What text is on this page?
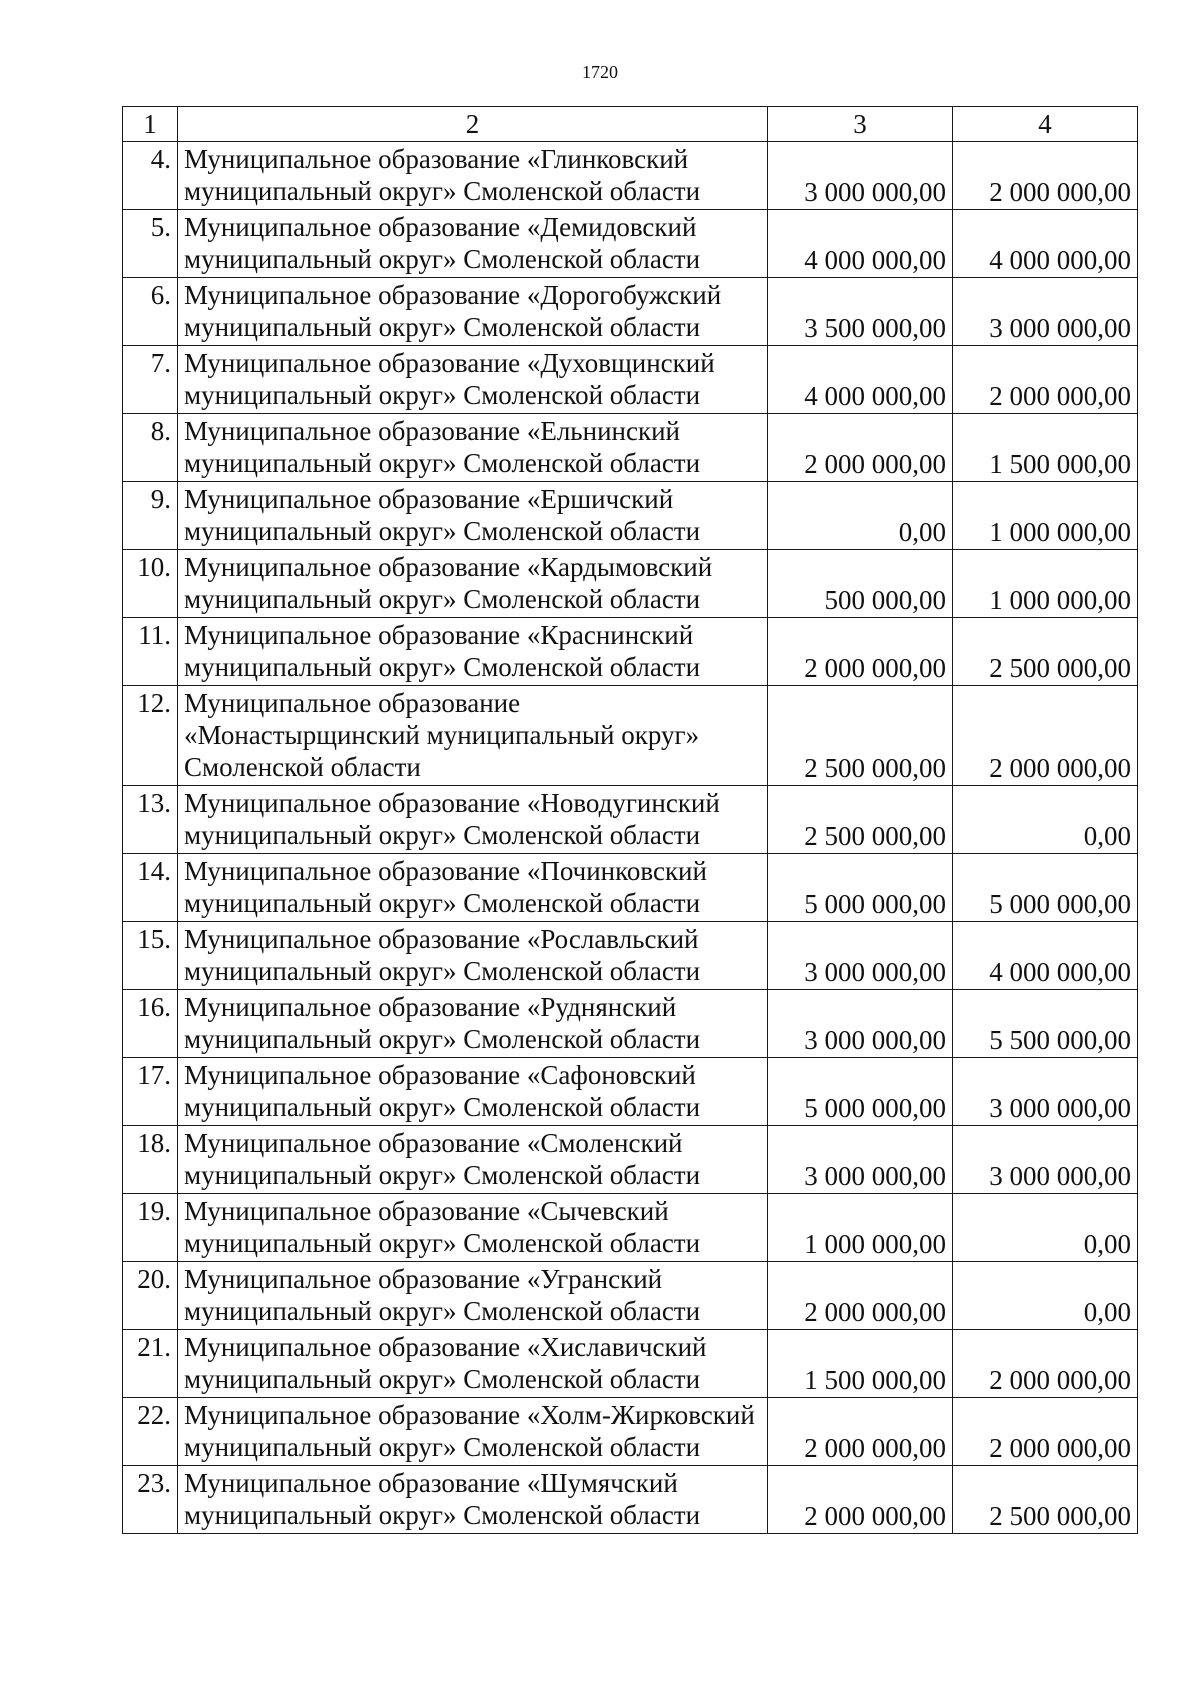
1720
1	2	3	4
4.	Муниципальное образование «Глинковский муниципальный округ» Смоленской области	3 000 000,00	2 000 000,00
5.	Муниципальное образование «Демидовский муниципальный округ» Смоленской области	4 000 000,00	4 000 000,00
6.	Муниципальное образование «Дорогобужский муниципальный округ» Смоленской области	3 500 000,00	3 000 000,00
7.	Муниципальное образование «Духовщинский муниципальный округ» Смоленской области	4 000 000,00	2 000 000,00
8.	Муниципальное образование «Ельнинский муниципальный округ» Смоленской области	2 000 000,00	1 500 000,00
9.	Муниципальное образование «Ершичский муниципальный округ» Смоленской области	0,00	1 000 000,00
10.	Муниципальное образование «Кардымовский муниципальный округ» Смоленской области	500 000,00	1 000 000,00
11.	Муниципальное образование «Краснинский муниципальный округ» Смоленской области	2 000 000,00	2 500 000,00
12.	Муниципальное образование «Монастырщинский муниципальный округ» Смоленской области	2 500 000,00	2 000 000,00
13.	Муниципальное образование «Новодугинский муниципальный округ» Смоленской области	2 500 000,00	0,00
14.	Муниципальное образование «Починковский муниципальный округ» Смоленской области	5 000 000,00	5 000 000,00
15.	Муниципальное образование «Рославльский муниципальный округ» Смоленской области	3 000 000,00	4 000 000,00
16.	Муниципальное образование «Руднянский муниципальный округ» Смоленской области	3 000 000,00	5 500 000,00
17.	Муниципальное образование «Сафоновский муниципальный округ» Смоленской области	5 000 000,00	3 000 000,00
18.	Муниципальное образование «Смоленский муниципальный округ» Смоленской области	3 000 000,00	3 000 000,00
19.	Муниципальное образование «Сычевский муниципальный округ» Смоленской области	1 000 000,00	0,00
20.	Муниципальное образование «Угранский муниципальный округ» Смоленской области	2 000 000,00	0,00
21.	Муниципальное образование «Хиславичский муниципальный округ» Смоленской области	1 500 000,00	2 000 000,00
22.	Муниципальное образование «Холм-Жирковский муниципальный округ» Смоленской области	2 000 000,00	2 000 000,00
23.	Муниципальное образование «Шумячский муниципальный округ» Смоленской области	2 000 000,00	2 500 000,00
